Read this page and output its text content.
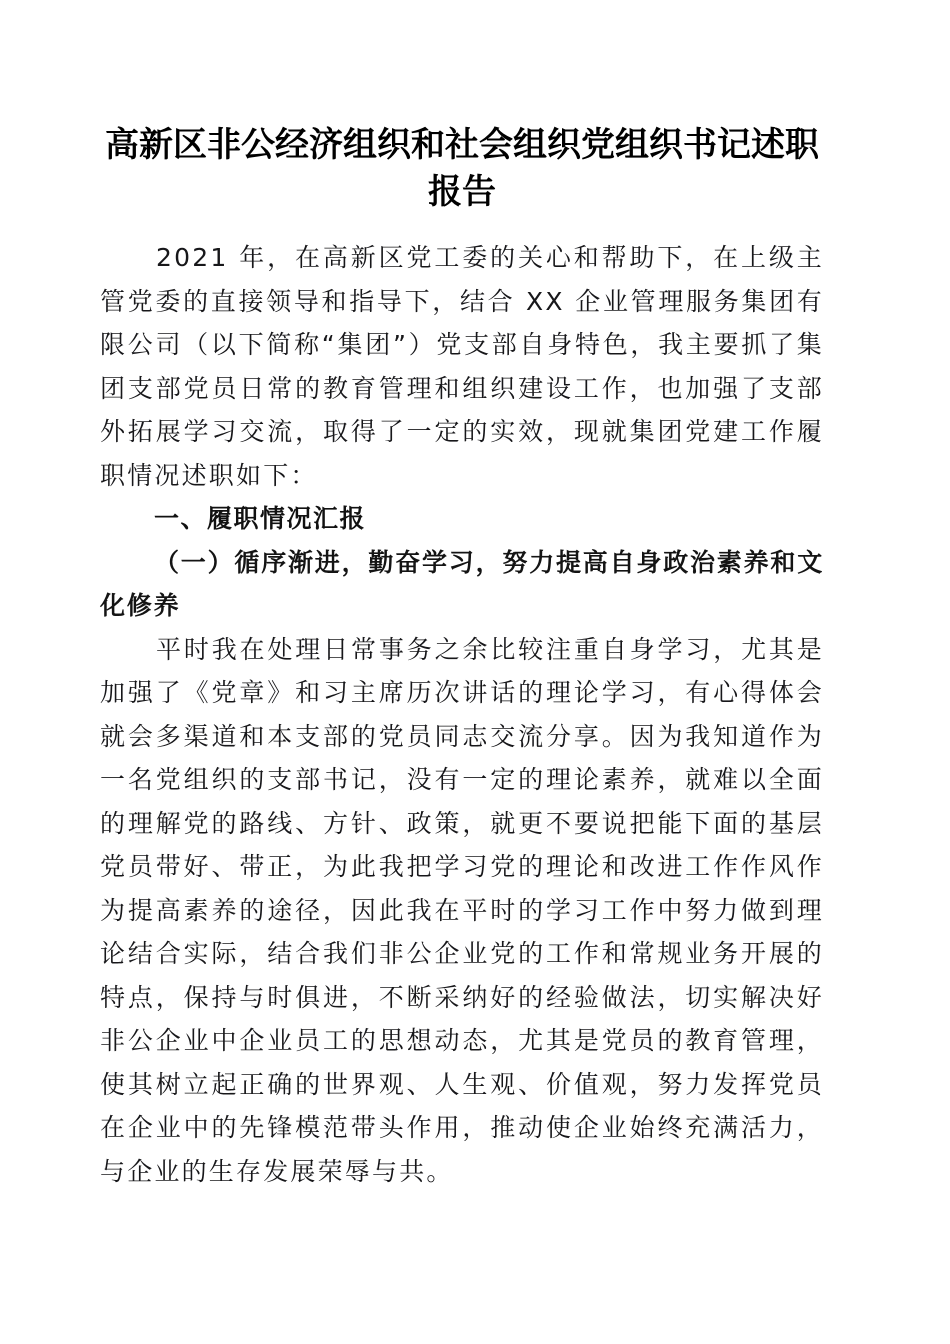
高新区非公经济组织和社会组织党组织书记述职报告

2021 年，在高新区党工委的关心和帮助下，在上级主管党委的直接领导和指导下，结合 XX 企业管理服务集团有限公司（以下简称“集团”）党支部自身特色，我主要抓了集团支部党员日常的教育管理和组织建设工作，也加强了支部外拓展学习交流，取得了一定的实效，现就集团党建工作履职情况述职如下：

一、履职情况汇报
（一）循序渐进，勤奋学习，努力提高自身政治素养和文化修养

平时我在处理日常事务之余比较注重自身学习，尤其是加强了《党章》和习主席历次讲话的理论学习，有心得体会就会多渠道和本支部的党员同志交流分享。因为我知道作为一名党组织的支部书记，没有一定的理论素养，就难以全面的理解党的路线、方针、政策，就更不要说把能下面的基层党员带好、带正，为此我把学习党的理论和改进工作作风作为提高素养的途径，因此我在平时的学习工作中努力做到理论结合实际，结合我们非公企业党的工作和常规业务开展的特点，保持与时俱进，不断采纳好的经验做法，切实解决好非公企业中企业员工的思想动态，尤其是党员的教育管理，使其树立起正确的世界观、人生观、价值观，努力发挥党员在企业中的先锋模范带头作用，推动使企业始终充满活力，与企业的生存发展荣辱与共。
